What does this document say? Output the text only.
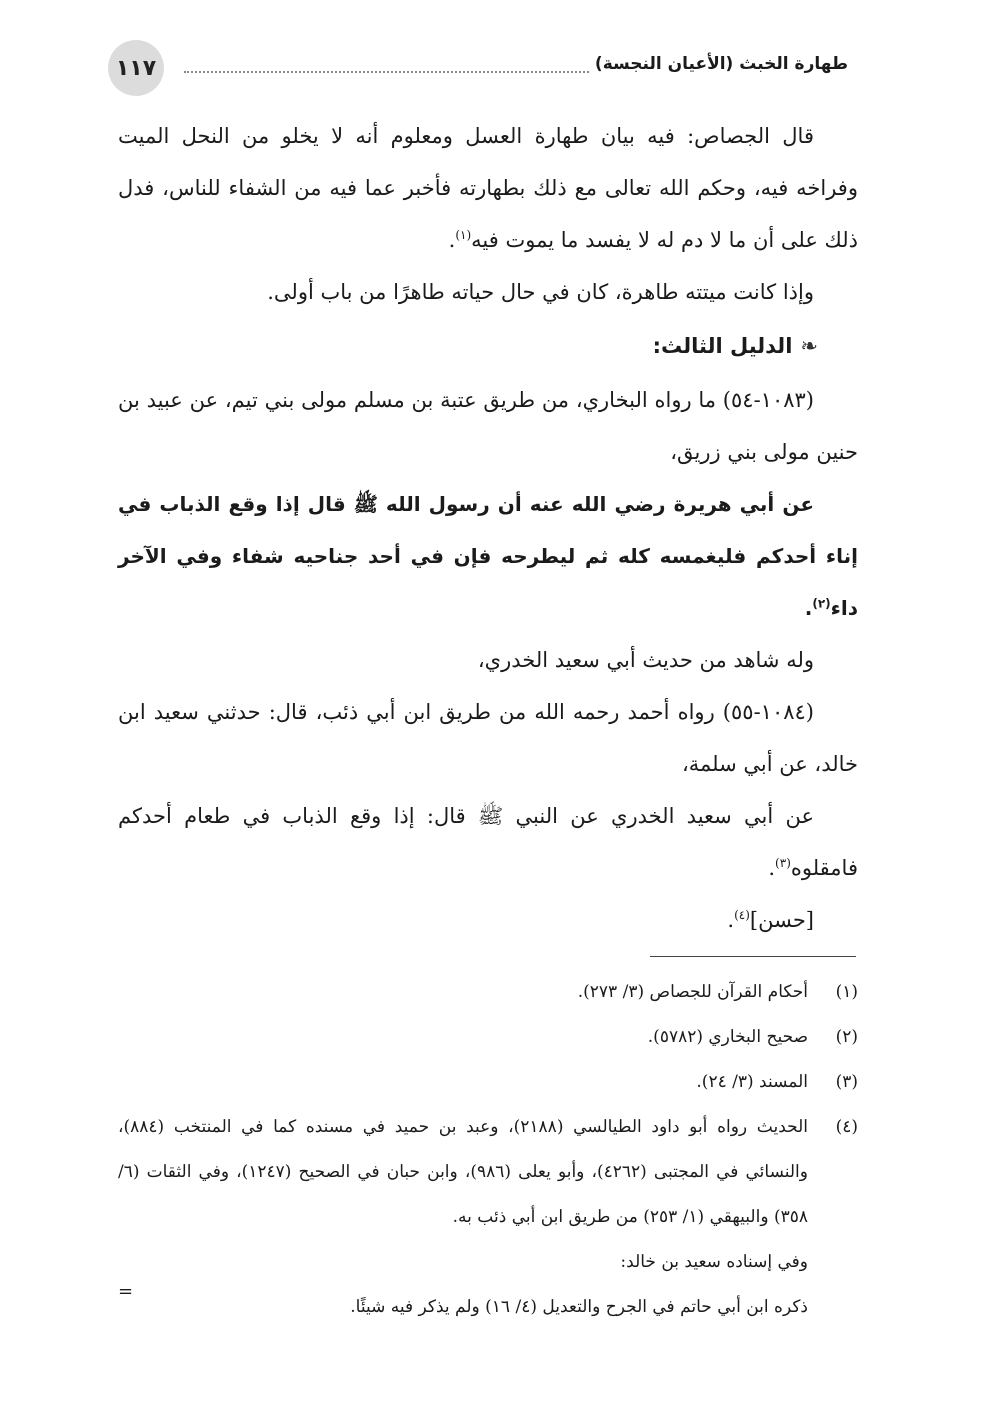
١١٧	طهارة الخبث (الأعيان النجسة)

قال الجصاص: فيه بيان طهارة العسل ومعلوم أنه لا يخلو من النحل الميت وفراخه فيه، وحكم الله تعالى مع ذلك بطهارته فأخبر عما فيه من الشفاء للناس، فدل ذلك على أن ما لا دم له لا يفسد ما يموت فيه$^{(١)}$.

وإذا كانت ميتته طاهرة، كان في حال حياته طاهرًا من باب أولى.

❧الدليل الثالث:

(١٠٨٣-٥٤) ما رواه البخاري، من طريق عتبة بن مسلم مولى بني تيم، عن عبيد بن حنين مولى بني زريق،

عن أبي هريرة رضي الله عنه أن رسول الله ﷺ قال إذا وقع الذباب في إناء أحدكم فليغمسه كله ثم ليطرحه فإن في أحد جناحيه شفاء وفي الآخر داء$^{(٢)}$.

وله شاهد من حديث أبي سعيد الخدري،

(١٠٨٤-٥٥) رواه أحمد رحمه الله من طريق ابن أبي ذئب، قال: حدثني سعيد ابن خالد، عن أبي سلمة،

عن أبي سعيد الخدري عن النبي ﷺ قال: إذا وقع الذباب في طعام أحدكم فامقلوه$^{(٣)}$.

[حسن]$^{(٤)}$.

(١)
أحكام القرآن للجصاص (٣/ ٢٧٣).
(٢)
صحيح البخاري (٥٧٨٢).
(٣)
المسند (٣/ ٢٤).
(٤)
الحديث رواه أبو داود الطيالسي (٢١٨٨)، وعبد بن حميد في مسنده كما في المنتخب (٨٨٤)، والنسائي في المجتبى (٤٢٦٢)، وأبو يعلى (٩٨٦)، وابن حبان في الصحيح (١٢٤٧)، وفي الثقات (٦/ ٣٥٨) والبيهقي (١/ ٢٥٣) من طريق ابن أبي ذئب به.
وفي إسناده سعيد بن خالد:
ذكره ابن أبي حاتم في الجرح والتعديل (٤/ ١٦) ولم يذكر فيه شيئًا.
=
